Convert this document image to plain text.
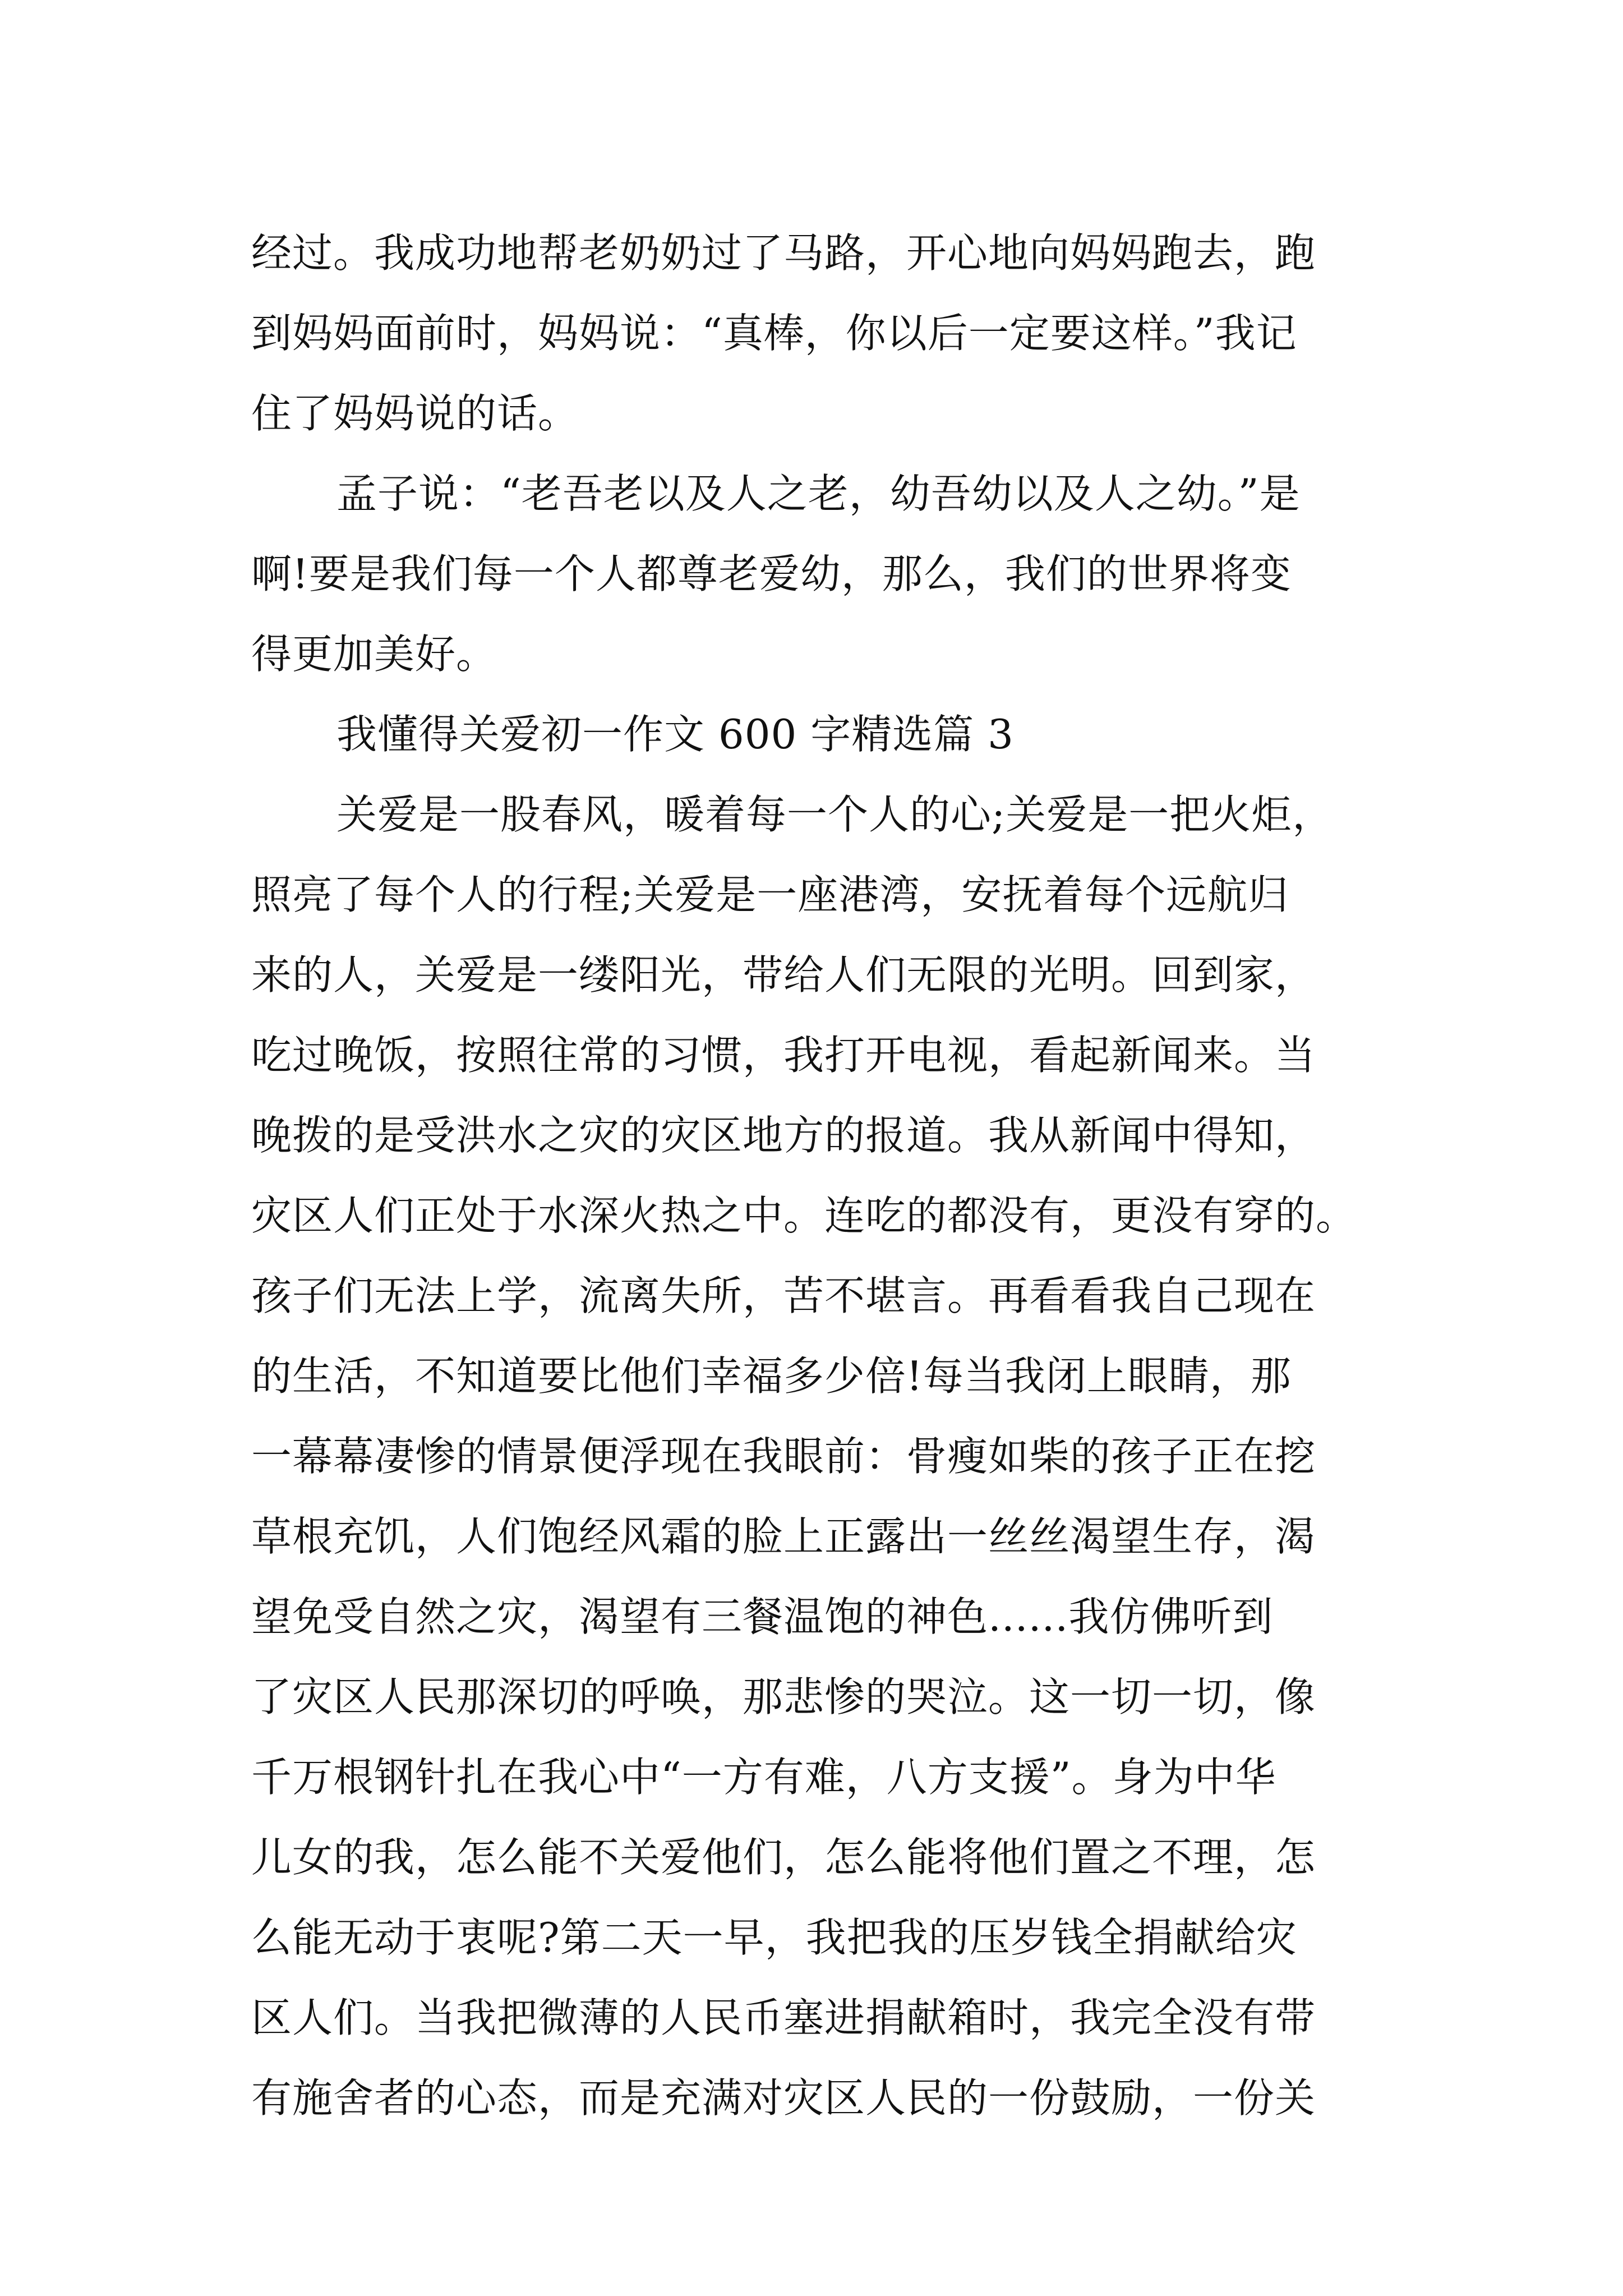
经过。我成功地帮老奶奶过了马路，开心地向妈妈跑去，跑
到妈妈面前时，妈妈说：“真棒，你以后一定要这样。”我记
住了妈妈说的话。
孟子说：“老吾老以及人之老，幼吾幼以及人之幼。”是
啊!要是我们每一个人都尊老爱幼，那么，我们的世界将变
得更加美好。
我懂得关爱初一作文 600 字精选篇 3
关爱是一股春风，暖着每一个人的心;关爱是一把火炬，
照亮了每个人的行程;关爱是一座港湾，安抚着每个远航归
来的人，关爱是一缕阳光，带给人们无限的光明。回到家，
吃过晚饭，按照往常的习惯，我打开电视，看起新闻来。当
晚拨的是受洪水之灾的灾区地方的报道。我从新闻中得知，
灾区人们正处于水深火热之中。连吃的都没有，更没有穿的。
孩子们无法上学，流离失所，苦不堪言。再看看我自己现在
的生活，不知道要比他们幸福多少倍!每当我闭上眼睛，那
一幕幕凄惨的情景便浮现在我眼前：骨瘦如柴的孩子正在挖
草根充饥，人们饱经风霜的脸上正露出一丝丝渴望生存，渴
望免受自然之灾，渴望有三餐温饱的神色......我仿佛听到
了灾区人民那深切的呼唤，那悲惨的哭泣。这一切一切，像
千万根钢针扎在我心中“一方有难，八方支援”。身为中华
儿女的我，怎么能不关爱他们，怎么能将他们置之不理，怎
么能无动于衷呢?第二天一早，我把我的压岁钱全捐献给灾
区人们。当我把微薄的人民币塞进捐献箱时，我完全没有带
有施舍者的心态，而是充满对灾区人民的一份鼓励，一份关
